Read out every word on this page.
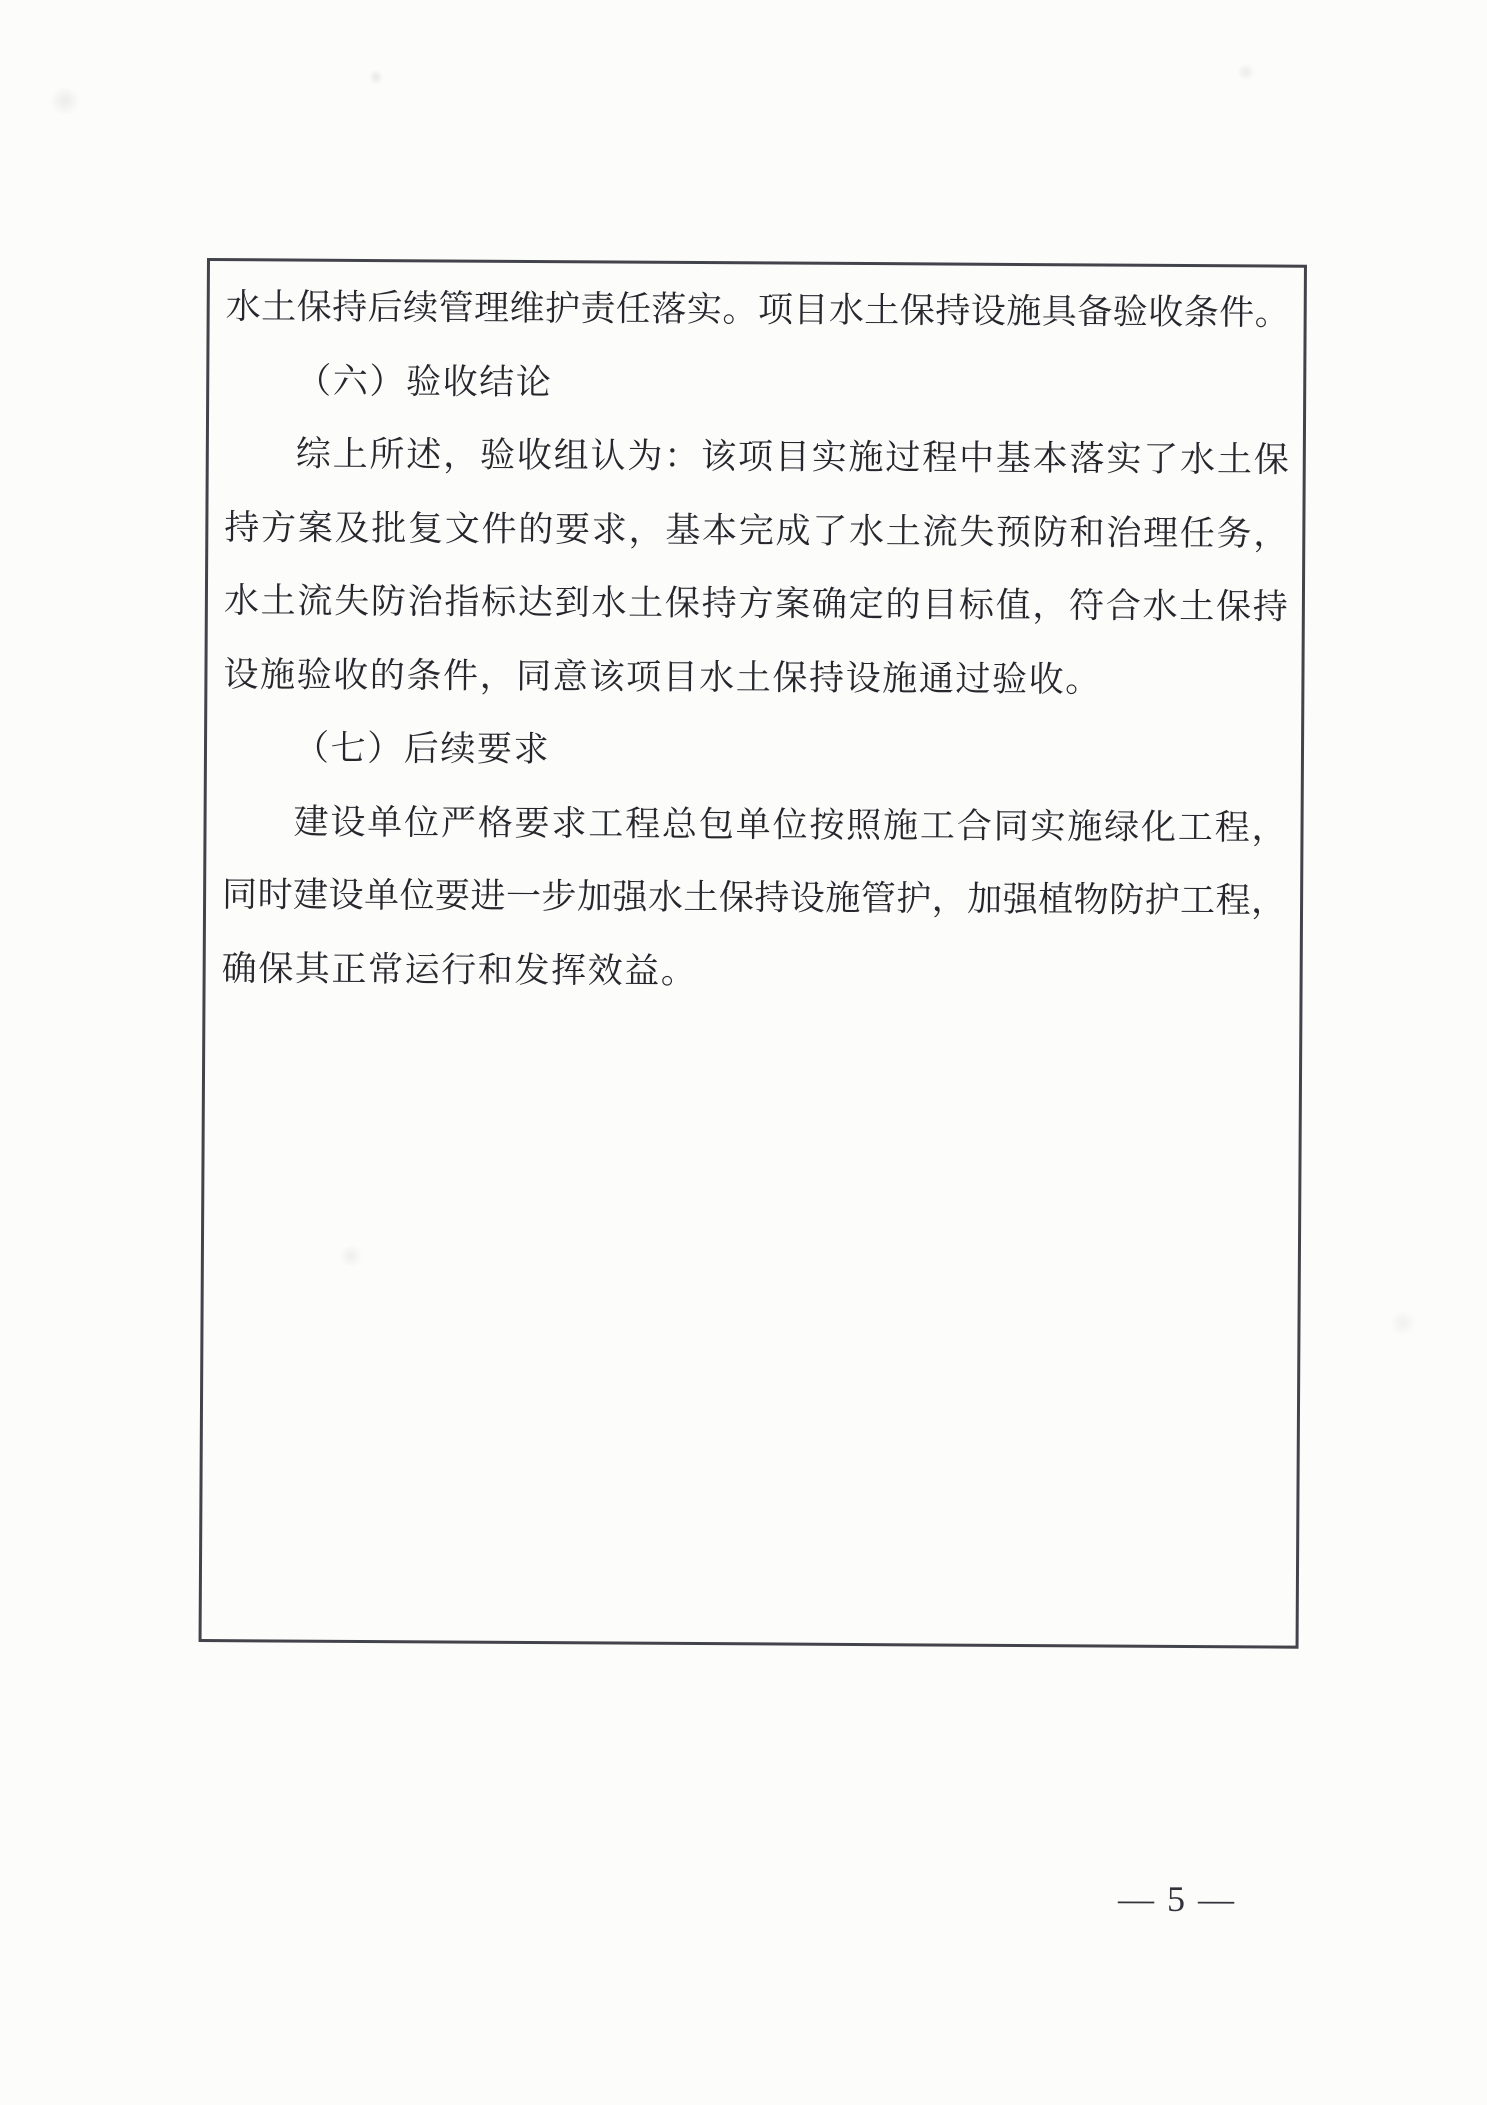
水土保持后续管理维护责任落实。项目水土保持设施具备验收条件。
（六）验收结论
综上所述，验收组认为：该项目实施过程中基本落实了水土保
持方案及批复文件的要求，基本完成了水土流失预防和治理任务，
水土流失防治指标达到水土保持方案确定的目标值，符合水土保持
设施验收的条件，同意该项目水土保持设施通过验收。
（七）后续要求
建设单位严格要求工程总包单位按照施工合同实施绿化工程，
同时建设单位要进一步加强水土保持设施管护，加强植物防护工程，
确保其正常运行和发挥效益。
— 5 —
